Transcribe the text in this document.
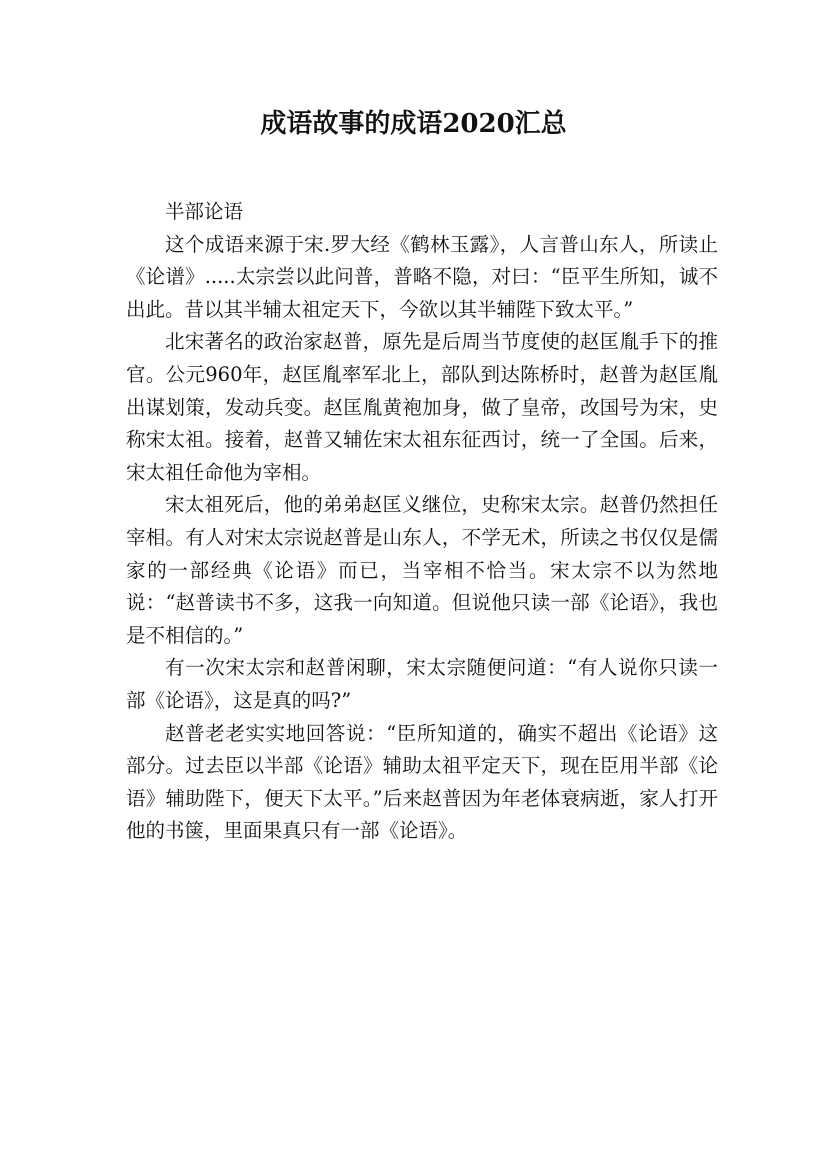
成语故事的成语2020汇总

半部论语

这个成语来源于宋.罗大经《鹤林玉露》，人言普山东人，所读止《论谱》.....太宗尝以此问普，普略不隐，对曰：“臣平生所知，诚不出此。昔以其半辅太祖定天下，今欲以其半辅陛下致太平。”

北宋著名的政治家赵普，原先是后周当节度使的赵匡胤手下的推官。公元960年，赵匡胤率军北上，部队到达陈桥时，赵普为赵匡胤出谋划策，发动兵变。赵匡胤黄袍加身，做了皇帝，改国号为宋，史称宋太祖。接着，赵普又辅佐宋太祖东征西讨，统一了全国。后来，宋太祖任命他为宰相。

宋太祖死后，他的弟弟赵匡义继位，史称宋太宗。赵普仍然担任宰相。有人对宋太宗说赵普是山东人，不学无术，所读之书仅仅是儒家的一部经典《论语》而已，当宰相不恰当。宋太宗不以为然地说：“赵普读书不多，这我一向知道。但说他只读一部《论语》，我也是不相信的。”

有一次宋太宗和赵普闲聊，宋太宗随便问道：“有人说你只读一部《论语》，这是真的吗?”

赵普老老实实地回答说：“臣所知道的，确实不超出《论语》这部分。过去臣以半部《论语》辅助太祖平定天下，现在臣用半部《论语》辅助陛下，便天下太平。”后来赵普因为年老体衰病逝，家人打开他的书箧，里面果真只有一部《论语》。
